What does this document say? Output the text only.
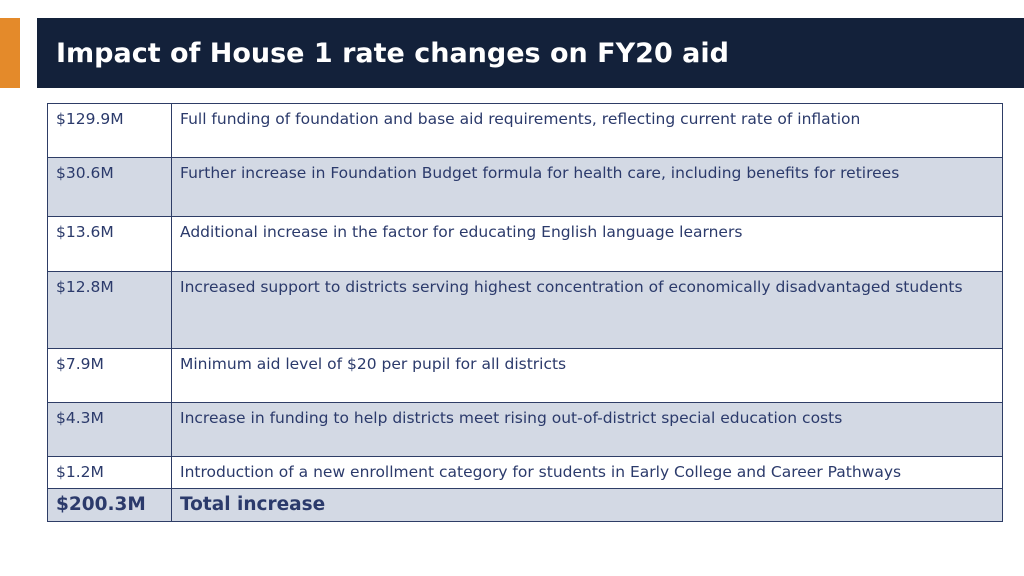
Impact of House 1 rate changes on FY20 aid
$129.9M	Full funding of foundation and base aid requirements, reflecting current rate of inflation
$30.6M	Further increase in Foundation Budget formula for health care, including benefits for retirees
$13.6M	Additional increase in the factor for educating English language learners
$12.8M	Increased support to districts serving highest concentration of economically disadvantaged students
$7.9M	Minimum aid level of $20 per pupil for all districts
$4.3M	Increase in funding to help districts meet rising out-of-district special education costs
$1.2M	Introduction of a new enrollment category for students in Early College and Career Pathways
$200.3M	Total increase
